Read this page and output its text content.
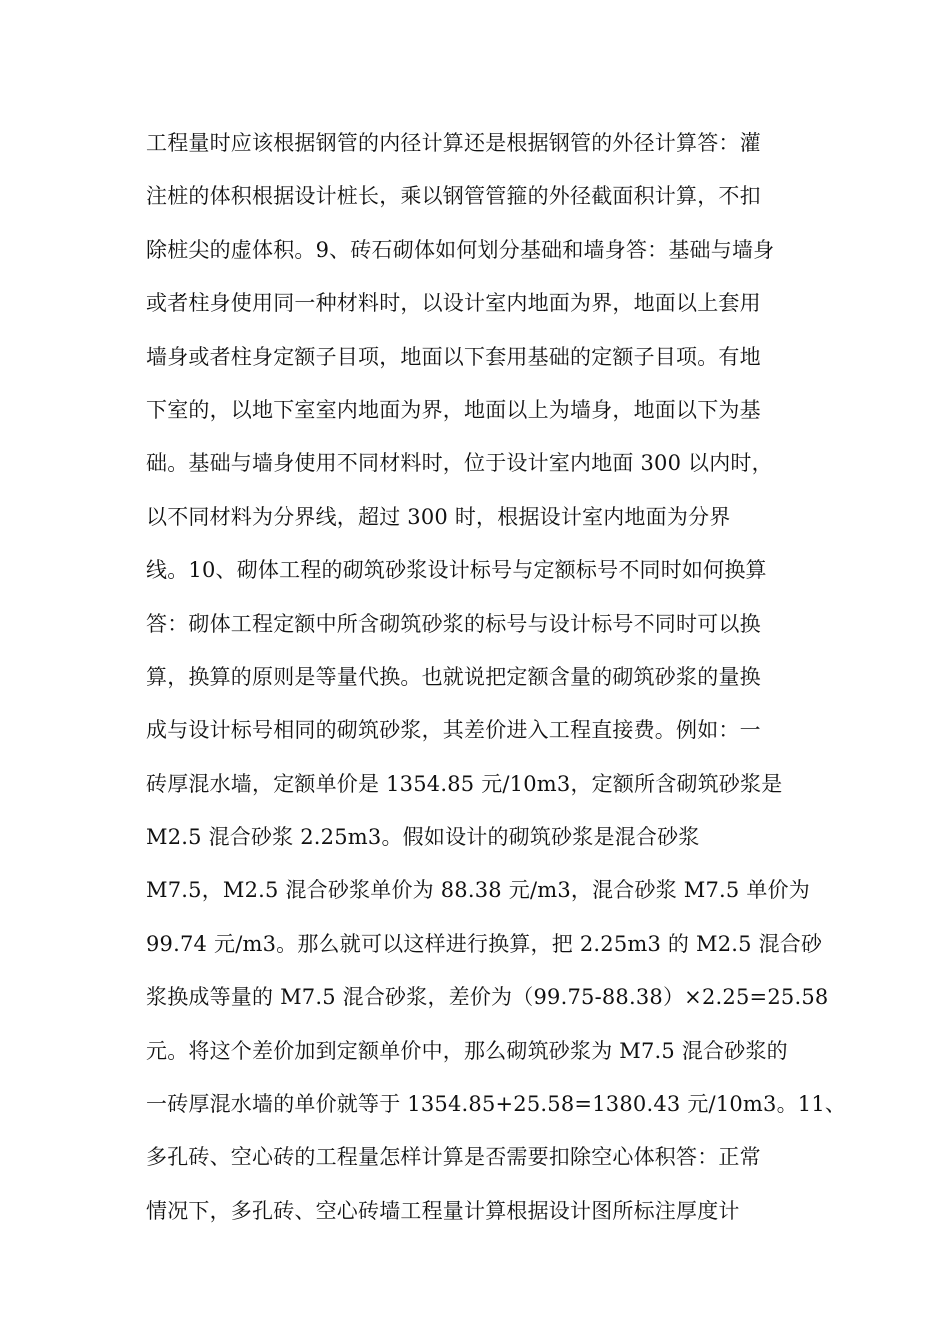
工程量时应该根据钢管的内径计算还是根据钢管的外径计算答：灌
注桩的体积根据设计桩长，乘以钢管管箍的外径截面积计算，不扣
除桩尖的虚体积。9、砖石砌体如何划分基础和墙身答：基础与墙身
或者柱身使用同一种材料时，以设计室内地面为界，地面以上套用
墙身或者柱身定额子目项，地面以下套用基础的定额子目项。有地
下室的，以地下室室内地面为界，地面以上为墙身，地面以下为基
础。基础与墙身使用不同材料时，位于设计室内地面 300 以内时，
以不同材料为分界线，超过 300 时，根据设计室内地面为分界
线。10、砌体工程的砌筑砂浆设计标号与定额标号不同时如何换算
答：砌体工程定额中所含砌筑砂浆的标号与设计标号不同时可以换
算，换算的原则是等量代换。也就说把定额含量的砌筑砂浆的量换
成与设计标号相同的砌筑砂浆，其差价进入工程直接费。例如：一
砖厚混水墙，定额单价是 1354.85 元/10m3，定额所含砌筑砂浆是
M2.5 混合砂浆 2.25m3。假如设计的砌筑砂浆是混合砂浆
M7.5，M2.5 混合砂浆单价为 88.38 元/m3，混合砂浆 M7.5 单价为
99.74 元/m3。那么就可以这样进行换算，把 2.25m3 的 M2.5 混合砂
浆换成等量的 M7.5 混合砂浆，差价为（99.75-88.38）×2.25=25.58
元。将这个差价加到定额单价中，那么砌筑砂浆为 M7.5 混合砂浆的
一砖厚混水墙的单价就等于 1354.85+25.58=1380.43 元/10m3。11、
多孔砖、空心砖的工程量怎样计算是否需要扣除空心体积答：正常
情况下，多孔砖、空心砖墙工程量计算根据设计图所标注厚度计
